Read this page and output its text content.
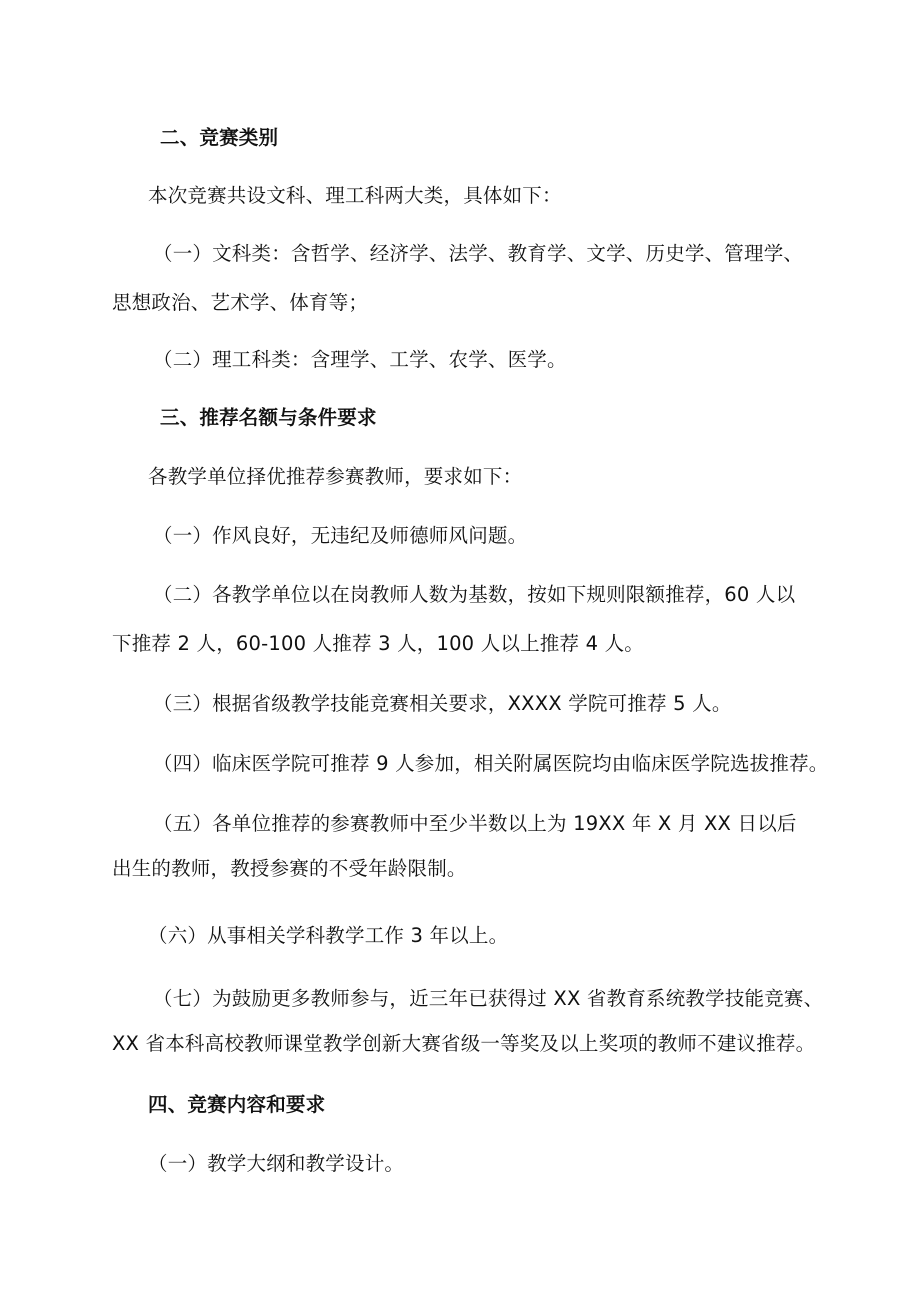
二、竞赛类别
本次竞赛共设文科、理工科两大类，具体如下：
（一）文科类：含哲学、经济学、法学、教育学、文学、历史学、管理学、
思想政治、艺术学、体育等；
（二）理工科类：含理学、工学、农学、医学。
三、推荐名额与条件要求
各教学单位择优推荐参赛教师，要求如下：
（一）作风良好，无违纪及师德师风问题。
（二）各教学单位以在岗教师人数为基数，按如下规则限额推荐，60 人以
下推荐 2 人，60-100 人推荐 3 人，100 人以上推荐 4 人。
（三）根据省级教学技能竞赛相关要求，XXXX 学院可推荐 5 人。
（四）临床医学院可推荐 9 人参加，相关附属医院均由临床医学院选拔推荐。
（五）各单位推荐的参赛教师中至少半数以上为 19XX 年 X 月 XX 日以后
出生的教师，教授参赛的不受年龄限制。
（六）从事相关学科教学工作 3 年以上。
（七）为鼓励更多教师参与，近三年已获得过 XX 省教育系统教学技能竞赛、
XX 省本科高校教师课堂教学创新大赛省级一等奖及以上奖项的教师不建议推荐。
四、竞赛内容和要求
（一）教学大纲和教学设计。
